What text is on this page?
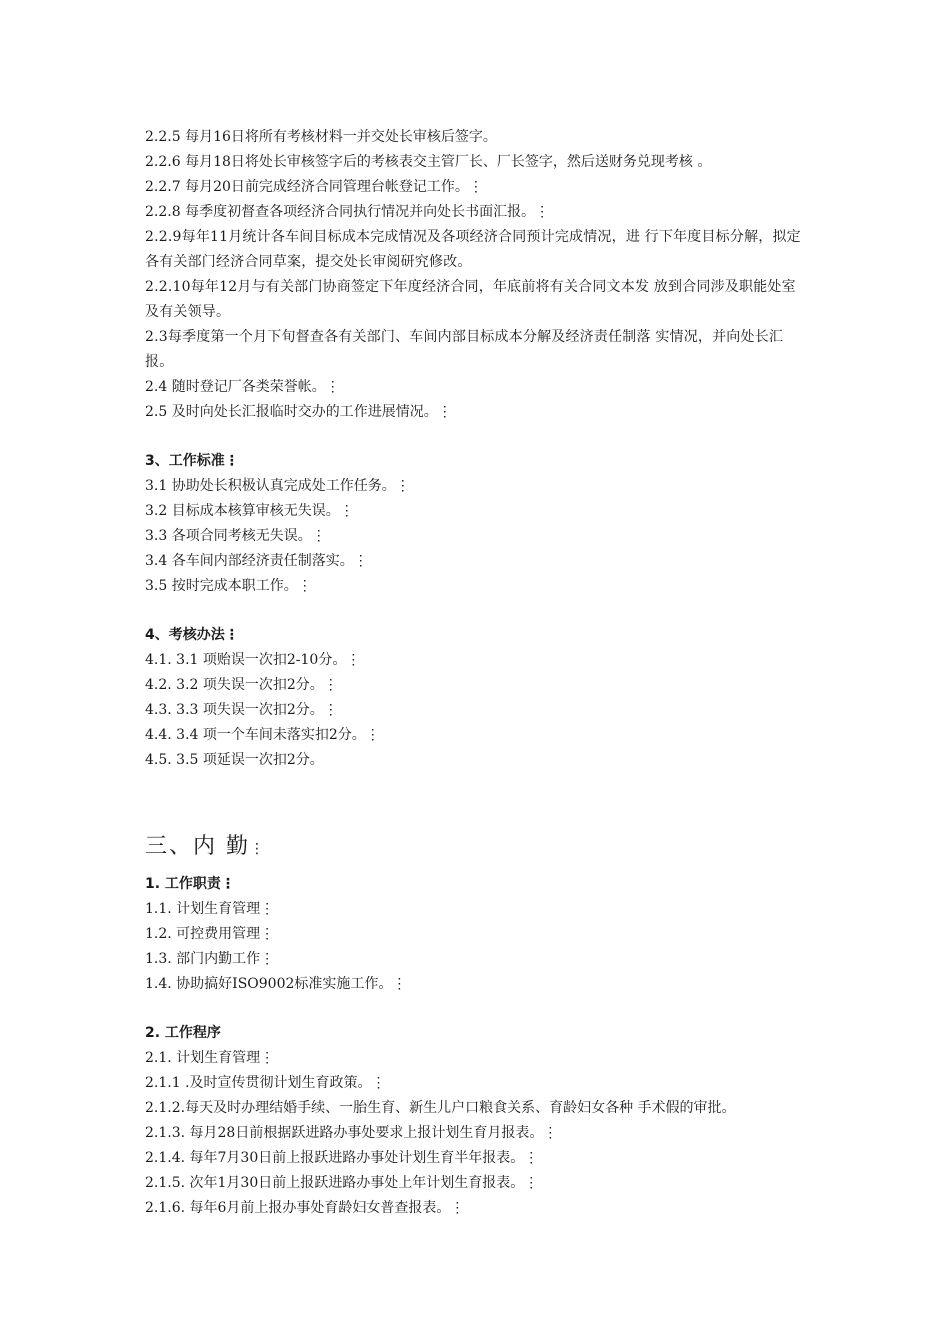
2.2.5 每月16日将所有考核材料一并交处长审核后签字。
2.2.6 每月18日将处长审核签字后的考核表交主管厂长、厂长签字，然后送财务兑现考核 。
2.2.7 每月20日前完成经济合同管理台帐登记工作。⋮
2.2.8 每季度初督查各项经济合同执行情况并向处长书面汇报。⋮
2.2.9每年11月统计各车间目标成本完成情况及各项经济合同预计完成情况，进 行下年度目标分解，拟定各有关部门经济合同草案，提交处长审阅研究修改。
2.2.10每年12月与有关部门协商签定下年度经济合同，年底前将有关合同文本发 放到合同涉及职能处室及有关领导。
2.3每季度第一个月下旬督查各有关部门、车间内部目标成本分解及经济责任制落 实情况，并向处长汇报。
2.4 随时登记厂各类荣誉帐。⋮
2.5 及时向处长汇报临时交办的工作进展情况。⋮
3、工作标准⋮
3.1 协助处长积极认真完成处工作任务。⋮
3.2 目标成本核算审核无失误。⋮
3.3 各项合同考核无失误。⋮
3.4 各车间内部经济责任制落实。⋮
3.5 按时完成本职工作。⋮
4、考核办法⋮
4.1. 3.1 项贻误一次扣2-10分。⋮
4.2. 3.2 项失误一次扣2分。⋮
4.3. 3.3 项失误一次扣2分。⋮
4.4. 3.4 项一个车间未落实扣2分。⋮
4.5. 3.5 项延误一次扣2分。
三、内 勤⋮
1. 工作职责⋮
1.1. 计划生育管理⋮
1.2. 可控费用管理⋮
1.3. 部门内勤工作⋮
1.4. 协助搞好ISO9002标准实施工作。⋮
2. 工作程序
2.1. 计划生育管理⋮
2.1.1 .及时宣传贯彻计划生育政策。⋮
2.1.2.每天及时办理结婚手续、一胎生育、新生儿户口粮食关系、育龄妇女各种 手术假的审批。
2.1.3. 每月28日前根据跃进路办事处要求上报计划生育月报表。⋮
2.1.4. 每年7月30日前上报跃进路办事处计划生育半年报表。⋮
2.1.5. 次年1月30日前上报跃进路办事处上年计划生育报表。⋮
2.1.6. 每年6月前上报办事处育龄妇女普查报表。⋮
